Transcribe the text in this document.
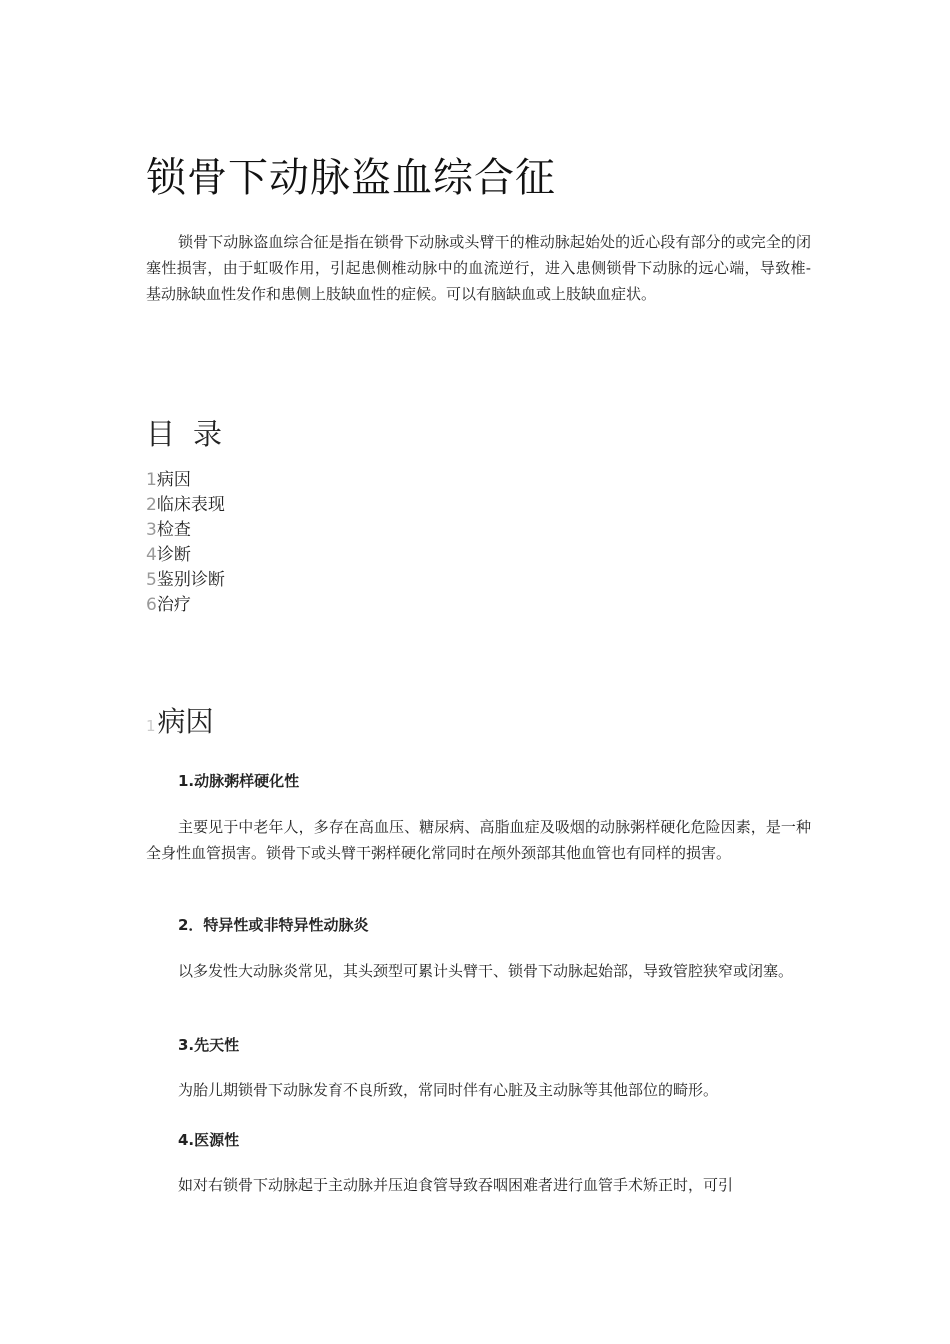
锁骨下动脉盗血综合征

锁骨下动脉盗血综合征是指在锁骨下动脉或头臂干的椎动脉起始处的近心段有部分的或完全的闭塞性损害，由于虹吸作用，引起患侧椎动脉中的血流逆行，进入患侧锁骨下动脉的远心端，导致椎-基动脉缺血性发作和患侧上肢缺血性的症候。可以有脑缺血或上肢缺血症状。

目录
1病因
2临床表现
3检查
4诊断
5鉴别诊断
6治疗
1病因

1.动脉粥样硬化性

主要见于中老年人，多存在高血压、糖尿病、高脂血症及吸烟的动脉粥样硬化危险因素，是一种全身性血管损害。锁骨下或头臂干粥样硬化常同时在颅外颈部其他血管也有同样的损害。

2．特异性或非特异性动脉炎

以多发性大动脉炎常见，其头颈型可累计头臂干、锁骨下动脉起始部，导致管腔狭窄或闭塞。

3.先天性

为胎儿期锁骨下动脉发育不良所致，常同时伴有心脏及主动脉等其他部位的畸形。

4.医源性

如对右锁骨下动脉起于主动脉并压迫食管导致吞咽困难者进行血管手术矫正时，可引
